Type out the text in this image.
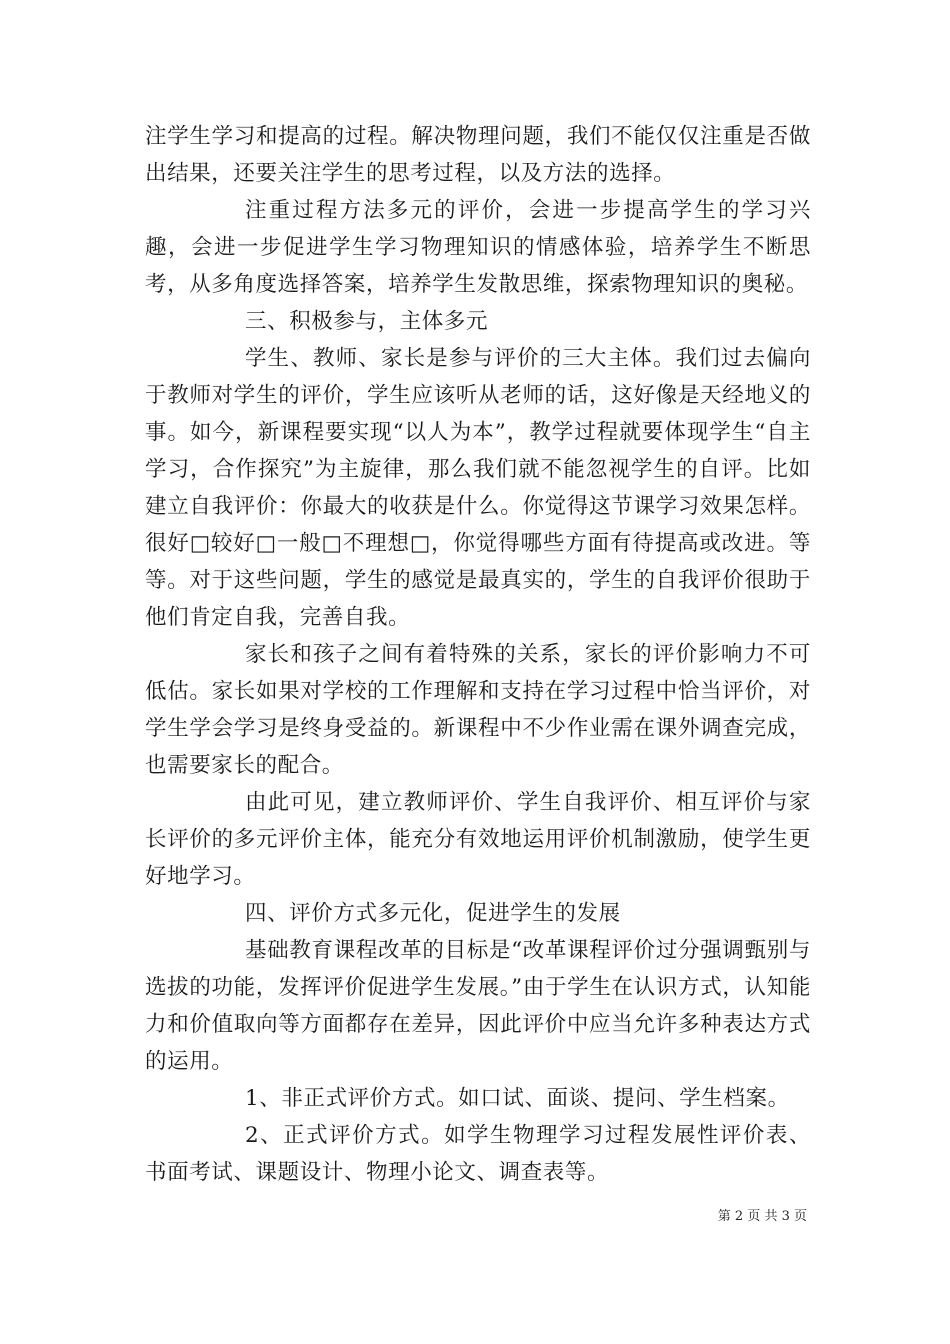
注学生学习和提高的过程。解决物理问题，我们不能仅仅注重是否做出结果，还要关注学生的思考过程，以及方法的选择。

注重过程方法多元的评价，会进一步提高学生的学习兴趣，会进一步促进学生学习物理知识的情感体验，培养学生不断思考，从多角度选择答案，培养学生发散思维，探索物理知识的奥秘。

三、积极参与，主体多元

学生、教师、家长是参与评价的三大主体。我们过去偏向于教师对学生的评价，学生应该听从老师的话，这好像是天经地义的事。如今，新课程要实现“以人为本”，教学过程就要体现学生“自主学习，合作探究”为主旋律，那么我们就不能忽视学生的自评。比如建立自我评价：你最大的收获是什么。你觉得这节课学习效果怎样。很好□较好□一般□不理想□，你觉得哪些方面有待提高或改进。等等。对于这些问题，学生的感觉是最真实的，学生的自我评价很助于他们肯定自我，完善自我。

家长和孩子之间有着特殊的关系，家长的评价影响力不可低估。家长如果对学校的工作理解和支持在学习过程中恰当评价，对学生学会学习是终身受益的。新课程中不少作业需在课外调查完成，也需要家长的配合。

由此可见，建立教师评价、学生自我评价、相互评价与家长评价的多元评价主体，能充分有效地运用评价机制激励，使学生更好地学习。

四、评价方式多元化，促进学生的发展

基础教育课程改革的目标是“改革课程评价过分强调甄别与选拔的功能，发挥评价促进学生发展。”由于学生在认识方式，认知能力和价值取向等方面都存在差异，因此评价中应当允许多种表达方式的运用。

1、非正式评价方式。如口试、面谈、提问、学生档案。

2、正式评价方式。如学生物理学习过程发展性评价表、书面考试、课题设计、物理小论文、调查表等。

第 2 页 共 3 页
